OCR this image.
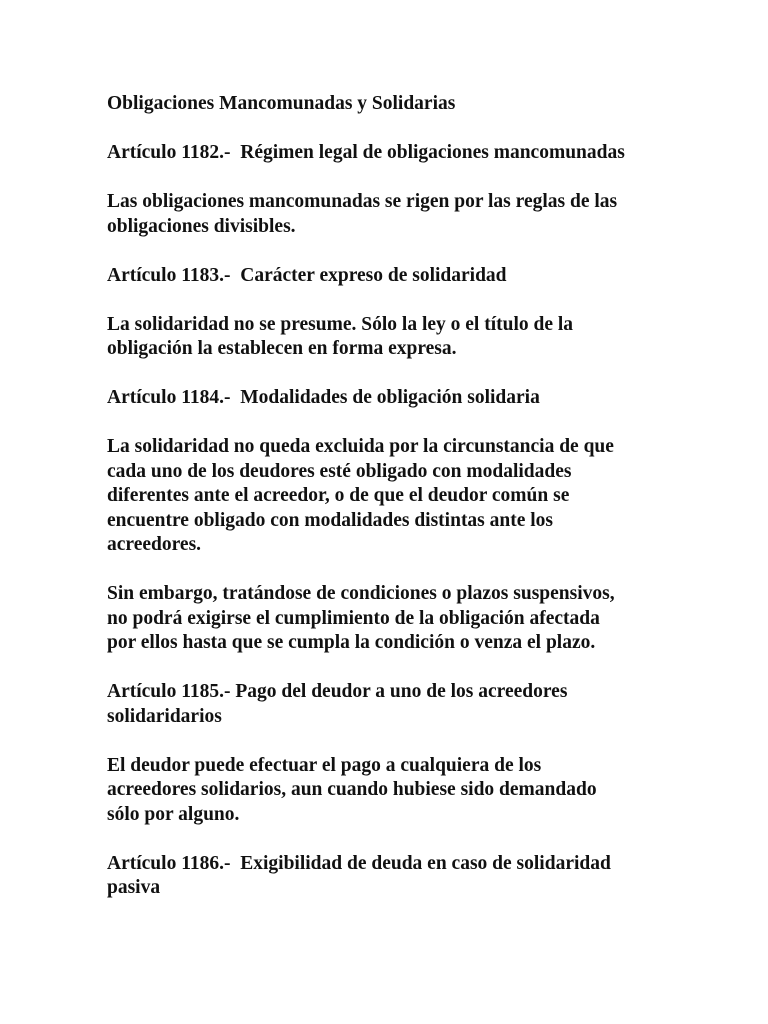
Obligaciones Mancomunadas y Solidarias

Artículo 1182.-  Régimen legal de obligaciones mancomunadas

Las obligaciones mancomunadas se rigen por las reglas de las
obligaciones divisibles.

Artículo 1183.-  Carácter expreso de solidaridad

La solidaridad no se presume. Sólo la ley o el título de la
obligación la establecen en forma expresa.

Artículo 1184.-  Modalidades de obligación solidaria

La solidaridad no queda excluida por la circunstancia de que
cada uno de los deudores esté obligado con modalidades
diferentes ante el acreedor, o de que el deudor común se
encuentre obligado con modalidades distintas ante los
acreedores.

Sin embargo, tratándose de condiciones o plazos suspensivos,
no podrá exigirse el cumplimiento de la obligación afectada
por ellos hasta que se cumpla la condición o venza el plazo.

Artículo 1185.- Pago del deudor a uno de los acreedores
solidaridarios

El deudor puede efectuar el pago a cualquiera de los
acreedores solidarios, aun cuando hubiese sido demandado
sólo por alguno.

Artículo 1186.-  Exigibilidad de deuda en caso de solidaridad
pasiva
